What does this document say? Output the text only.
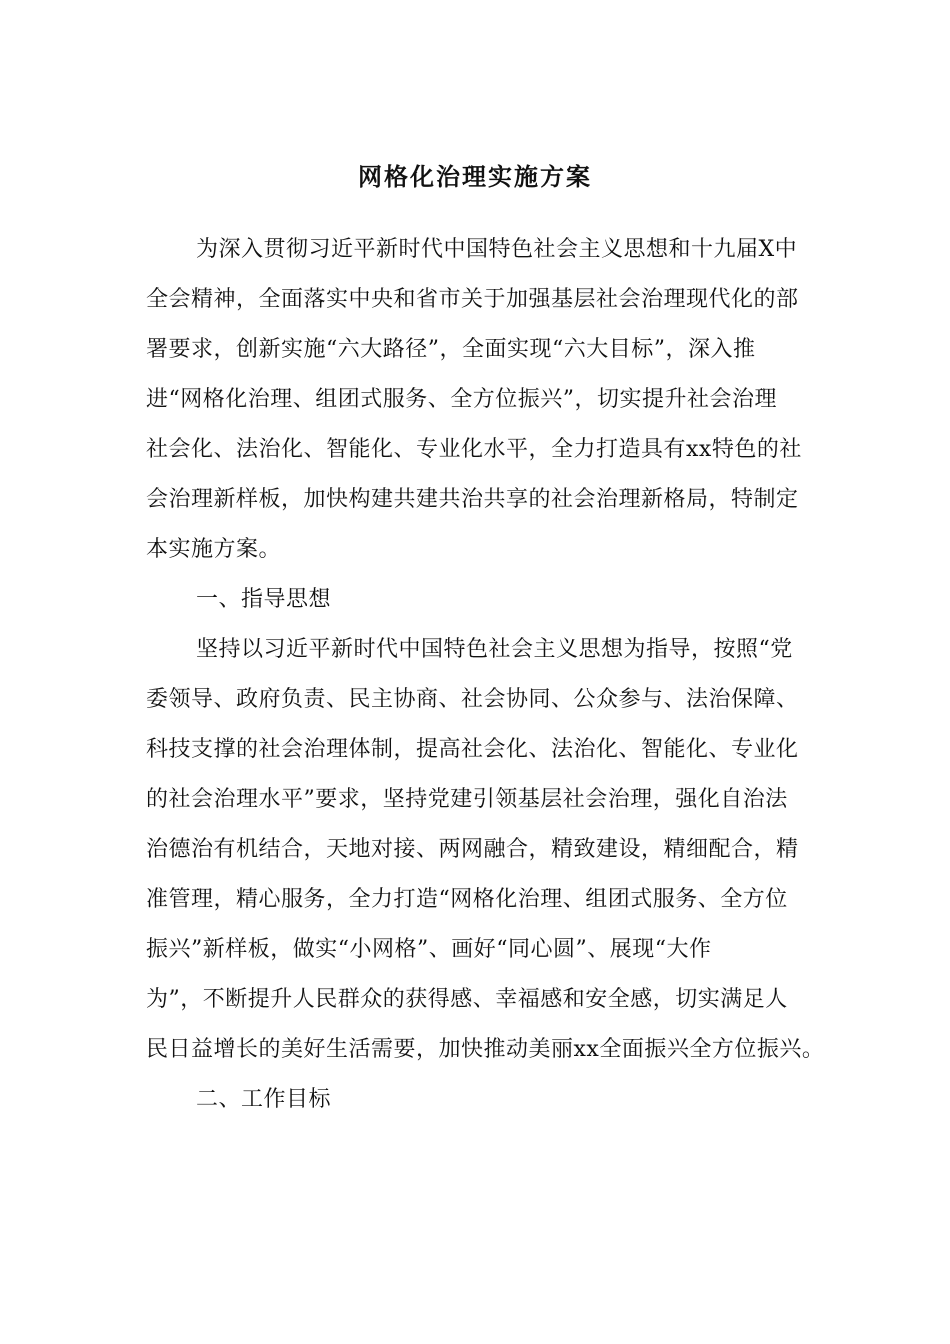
网格化治理实施方案
为深入贯彻习近平新时代中国特色社会主义思想和十九届X中
全会精神，全面落实中央和省市关于加强基层社会治理现代化的部
署要求，创新实施“六大路径”，全面实现“六大目标”，深入推
进“网格化治理、组团式服务、全方位振兴”，切实提升社会治理
社会化、法治化、智能化、专业化水平，全力打造具有xx特色的社
会治理新样板，加快构建共建共治共享的社会治理新格局，特制定
本实施方案。
一、指导思想
坚持以习近平新时代中国特色社会主义思想为指导，按照“党
委领导、政府负责、民主协商、社会协同、公众参与、法治保障、
科技支撑的社会治理体制，提高社会化、法治化、智能化、专业化
的社会治理水平”要求，坚持党建引领基层社会治理，强化自治法
治德治有机结合，天地对接、两网融合，精致建设，精细配合，精
准管理，精心服务，全力打造“网格化治理、组团式服务、全方位
振兴”新样板，做实“小网格”、画好“同心圆”、展现“大作
为”，不断提升人民群众的获得感、幸福感和安全感，切实满足人
民日益增长的美好生活需要，加快推动美丽xx全面振兴全方位振兴。
二、工作目标
